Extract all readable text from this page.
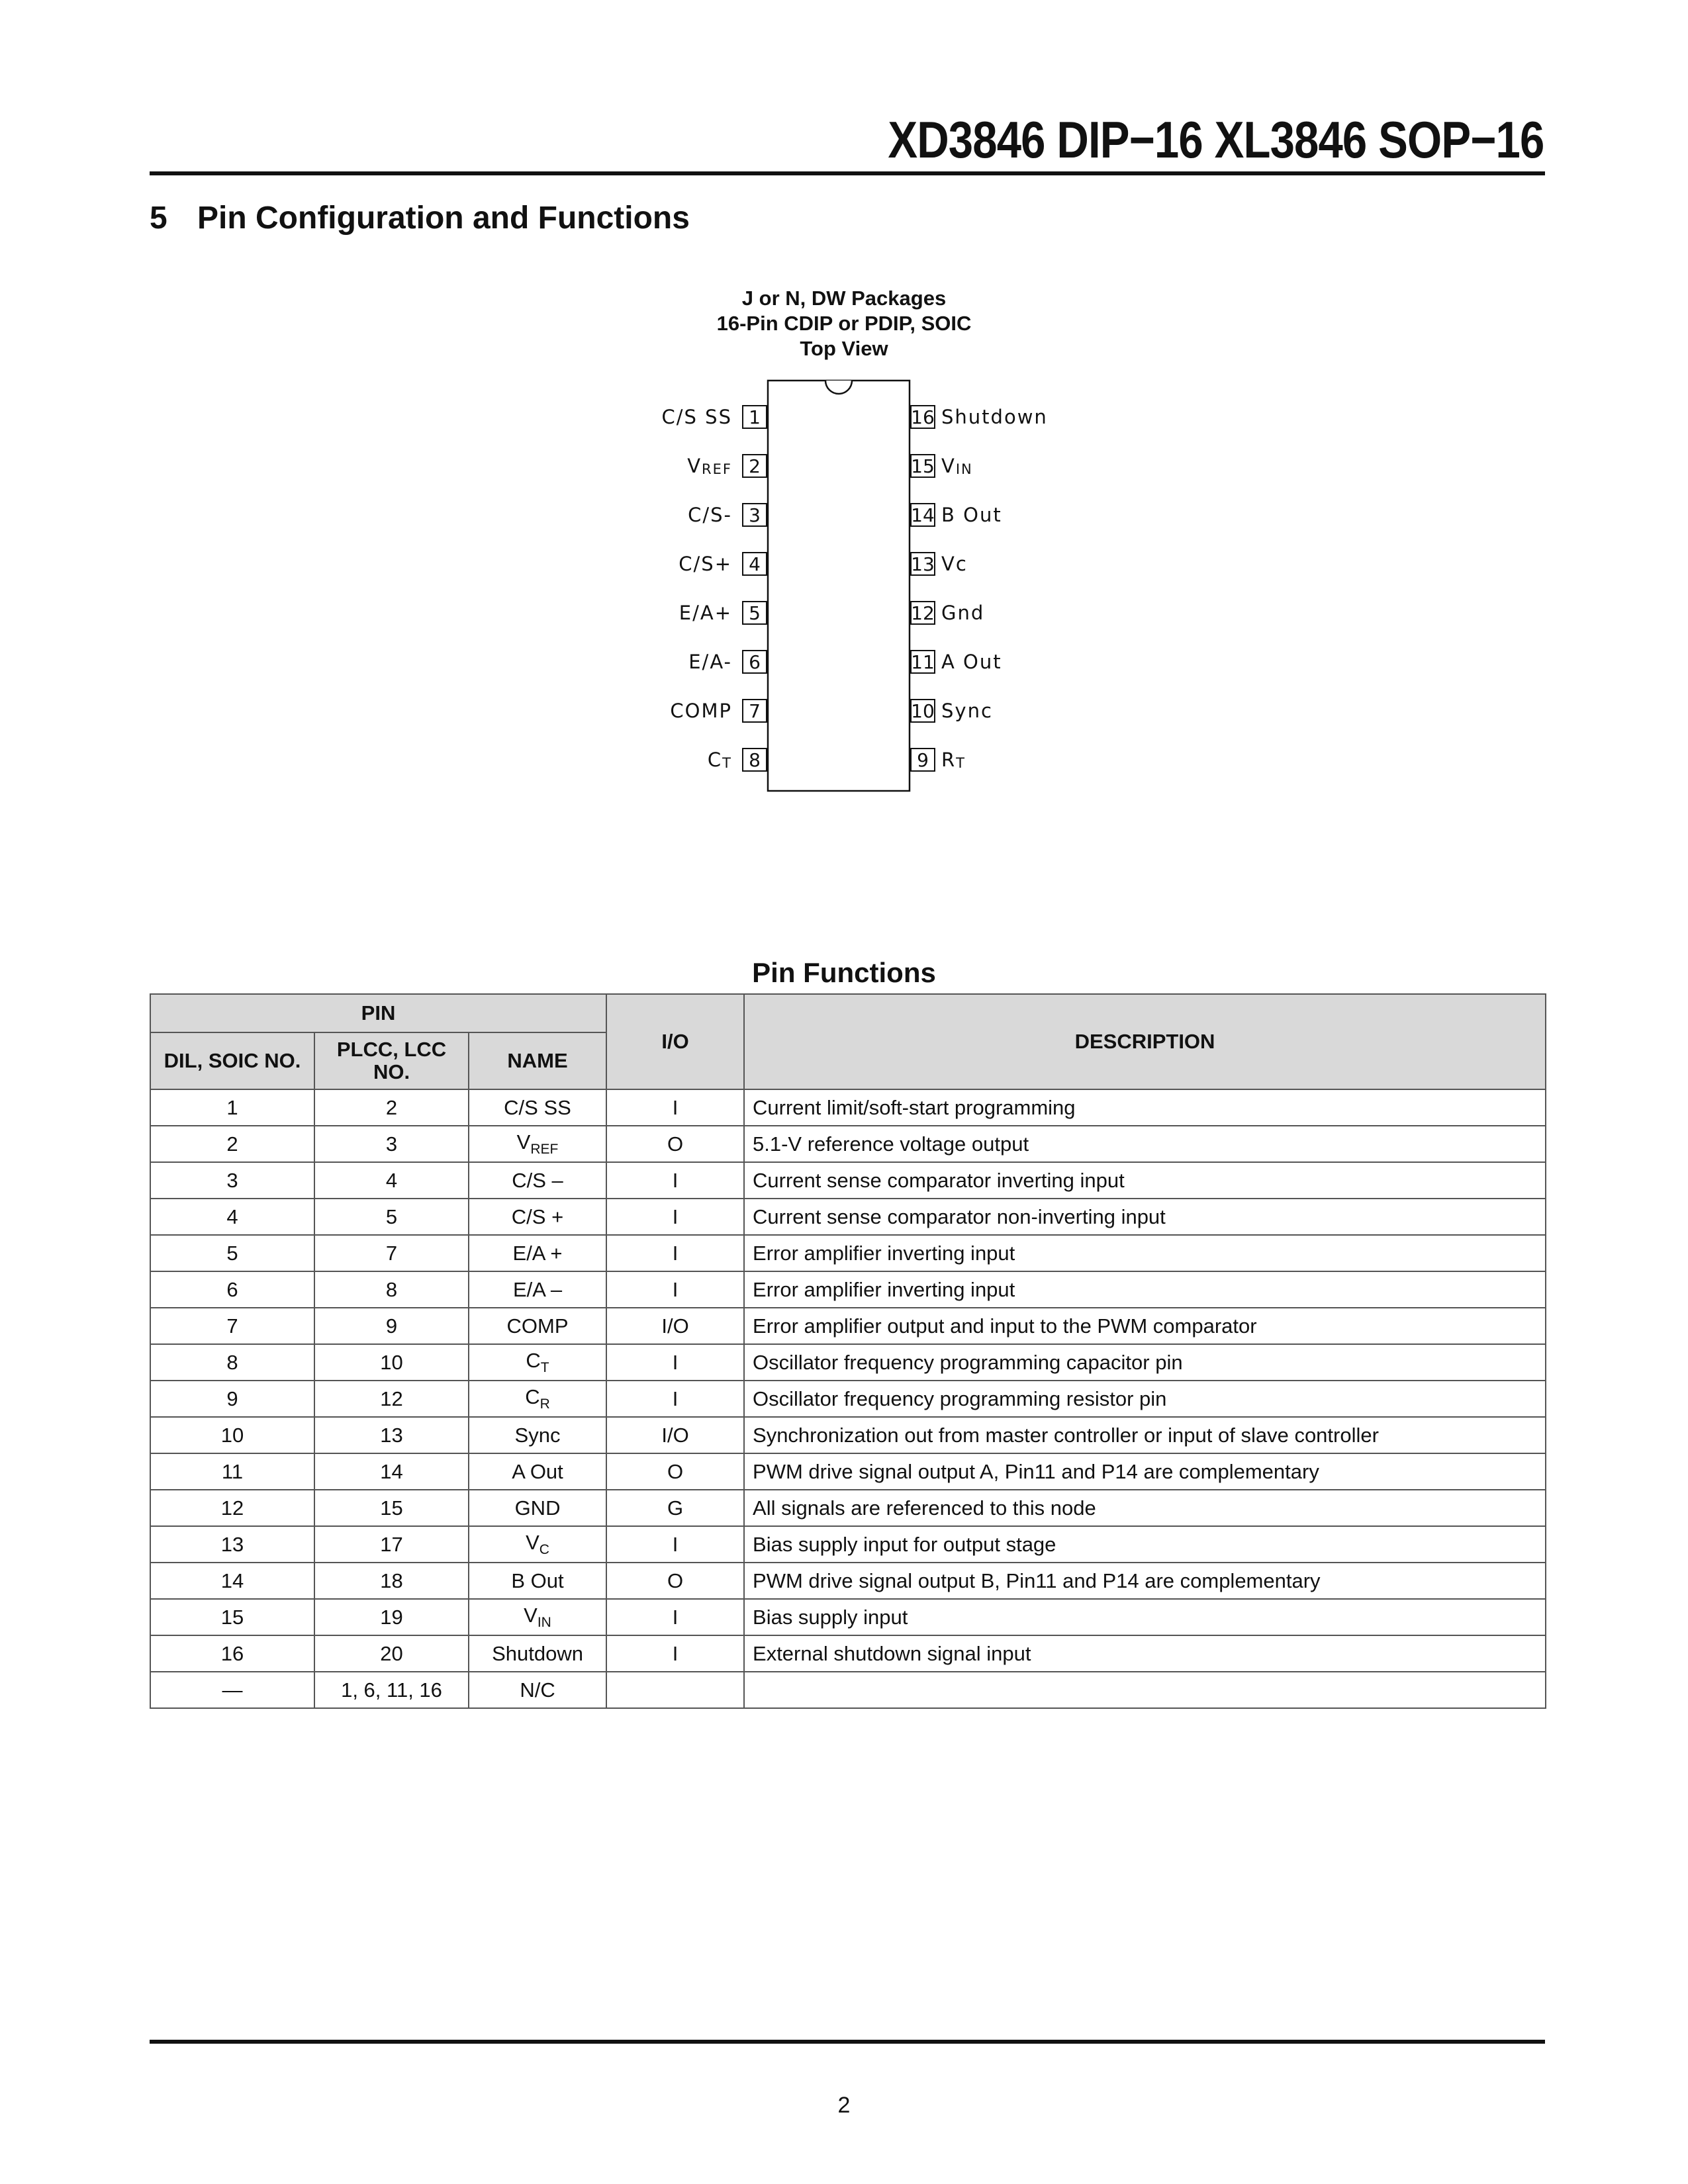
XD3846 DIP−16 XL3846 SOP−16
5 Pin Configuration and Functions
J or N, DW Packages
16-Pin CDIP or PDIP, SOIC
Top View
1
C/S SS
2
VREF
3
C/S-
4
C/S+
5
E/A+
6
E/A-
7
COMP
8
CT
16 Shutdown
15 VIN
14 B Out
13 Vc
12 Gnd
11 A Out
10 Sync
9 RT
Pin Functions
PIN			I/O	DESCRIPTION
DIL, SOIC NO.	PLCC, LCC NO.	NAME		
1	2	C/S SS	I	Current limit/soft-start programming
2	3	$V_{REF}$	O	5.1-V reference voltage output
3	4	C/S –	I	Current sense comparator inverting input
4	5	C/S +	I	Current sense comparator non-inverting input
5	7	E/A +	I	Error amplifier inverting input
6	8	E/A –	I	Error amplifier inverting input
7	9	COMP	I/O	Error amplifier output and input to the PWM comparator
8	10	$C_T$	I	Oscillator frequency programming capacitor pin
9	12	$C_R$	I	Oscillator frequency programming resistor pin
10	13	Sync	I/O	Synchronization out from master controller or input of slave controller
11	14	A Out	O	PWM drive signal output A, Pin11 and P14 are complementary
12	15	GND	G	All signals are referenced to this node
13	17	$V_C$	I	Bias supply input for output stage
14	18	B Out	O	PWM drive signal output B, Pin11 and P14 are complementary
15	19	$V_{IN}$	I	Bias supply input
16	20	Shutdown	I	External shutdown signal input
—	1, 6, 11, 16	N/C		
2
